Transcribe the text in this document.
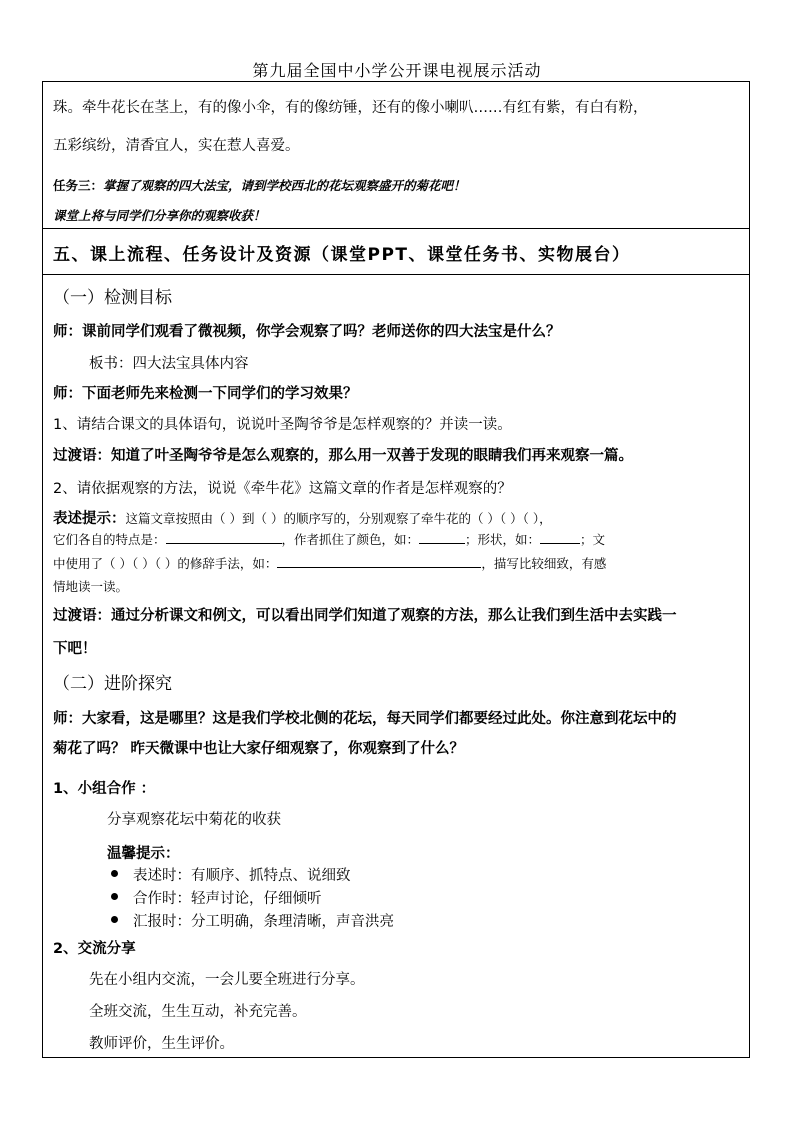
第九届全国中小学公开课电视展示活动
珠。牵牛花长在茎上，有的像小伞，有的像纺锤，还有的像小喇叭……有红有紫，有白有粉，
五彩缤纷，清香宜人，实在惹人喜爱。
任务三：掌握了观察的四大法宝，请到学校西北的花坛观察盛开的菊花吧！
课堂上将与同学们分享你的观察收获！
五、课上流程、任务设计及资源（课堂PPT、课堂任务书、实物展台）
（一）检测目标
师：课前同学们观看了微视频，你学会观察了吗？老师送你的四大法宝是什么？
板书：四大法宝具体内容
师：下面老师先来检测一下同学们的学习效果？
1、请结合课文的具体语句，说说叶圣陶爷爷是怎样观察的？并读一读。
过渡语：知道了叶圣陶爷爷是怎么观察的，那么用一双善于发现的眼睛我们再来观察一篇。
2、请依据观察的方法，说说《牵牛花》这篇文章的作者是怎样观察的？
表述提示：这篇文章按照由（ ）到（ ）的顺序写的，分别观察了牵牛花的（ ）（ ）（ ），
它们各自的特点是：	，作者抓住了颜色，如：	；形状，如：	；文
中使用了（ ）（ ）（ ）的修辞手法，如：	，描写比较细致，有感
情地读一读。
过渡语：通过分析课文和例文，可以看出同学们知道了观察的方法，那么让我们到生活中去实践一
下吧！
（二）进阶探究
师：大家看，这是哪里？这是我们学校北侧的花坛，每天同学们都要经过此处。你注意到花坛中的
菊花了吗？ 昨天微课中也让大家仔细观察了，你观察到了什么？
1、小组合作 ：
分享观察花坛中菊花的收获
温馨提示：
表述时：有顺序、抓特点、说细致
合作时：轻声讨论，仔细倾听
汇报时：分工明确，条理清晰，声音洪亮
2、交流分享
先在小组内交流，一会儿要全班进行分享。
全班交流，生生互动，补充完善。
教师评价，生生评价。
